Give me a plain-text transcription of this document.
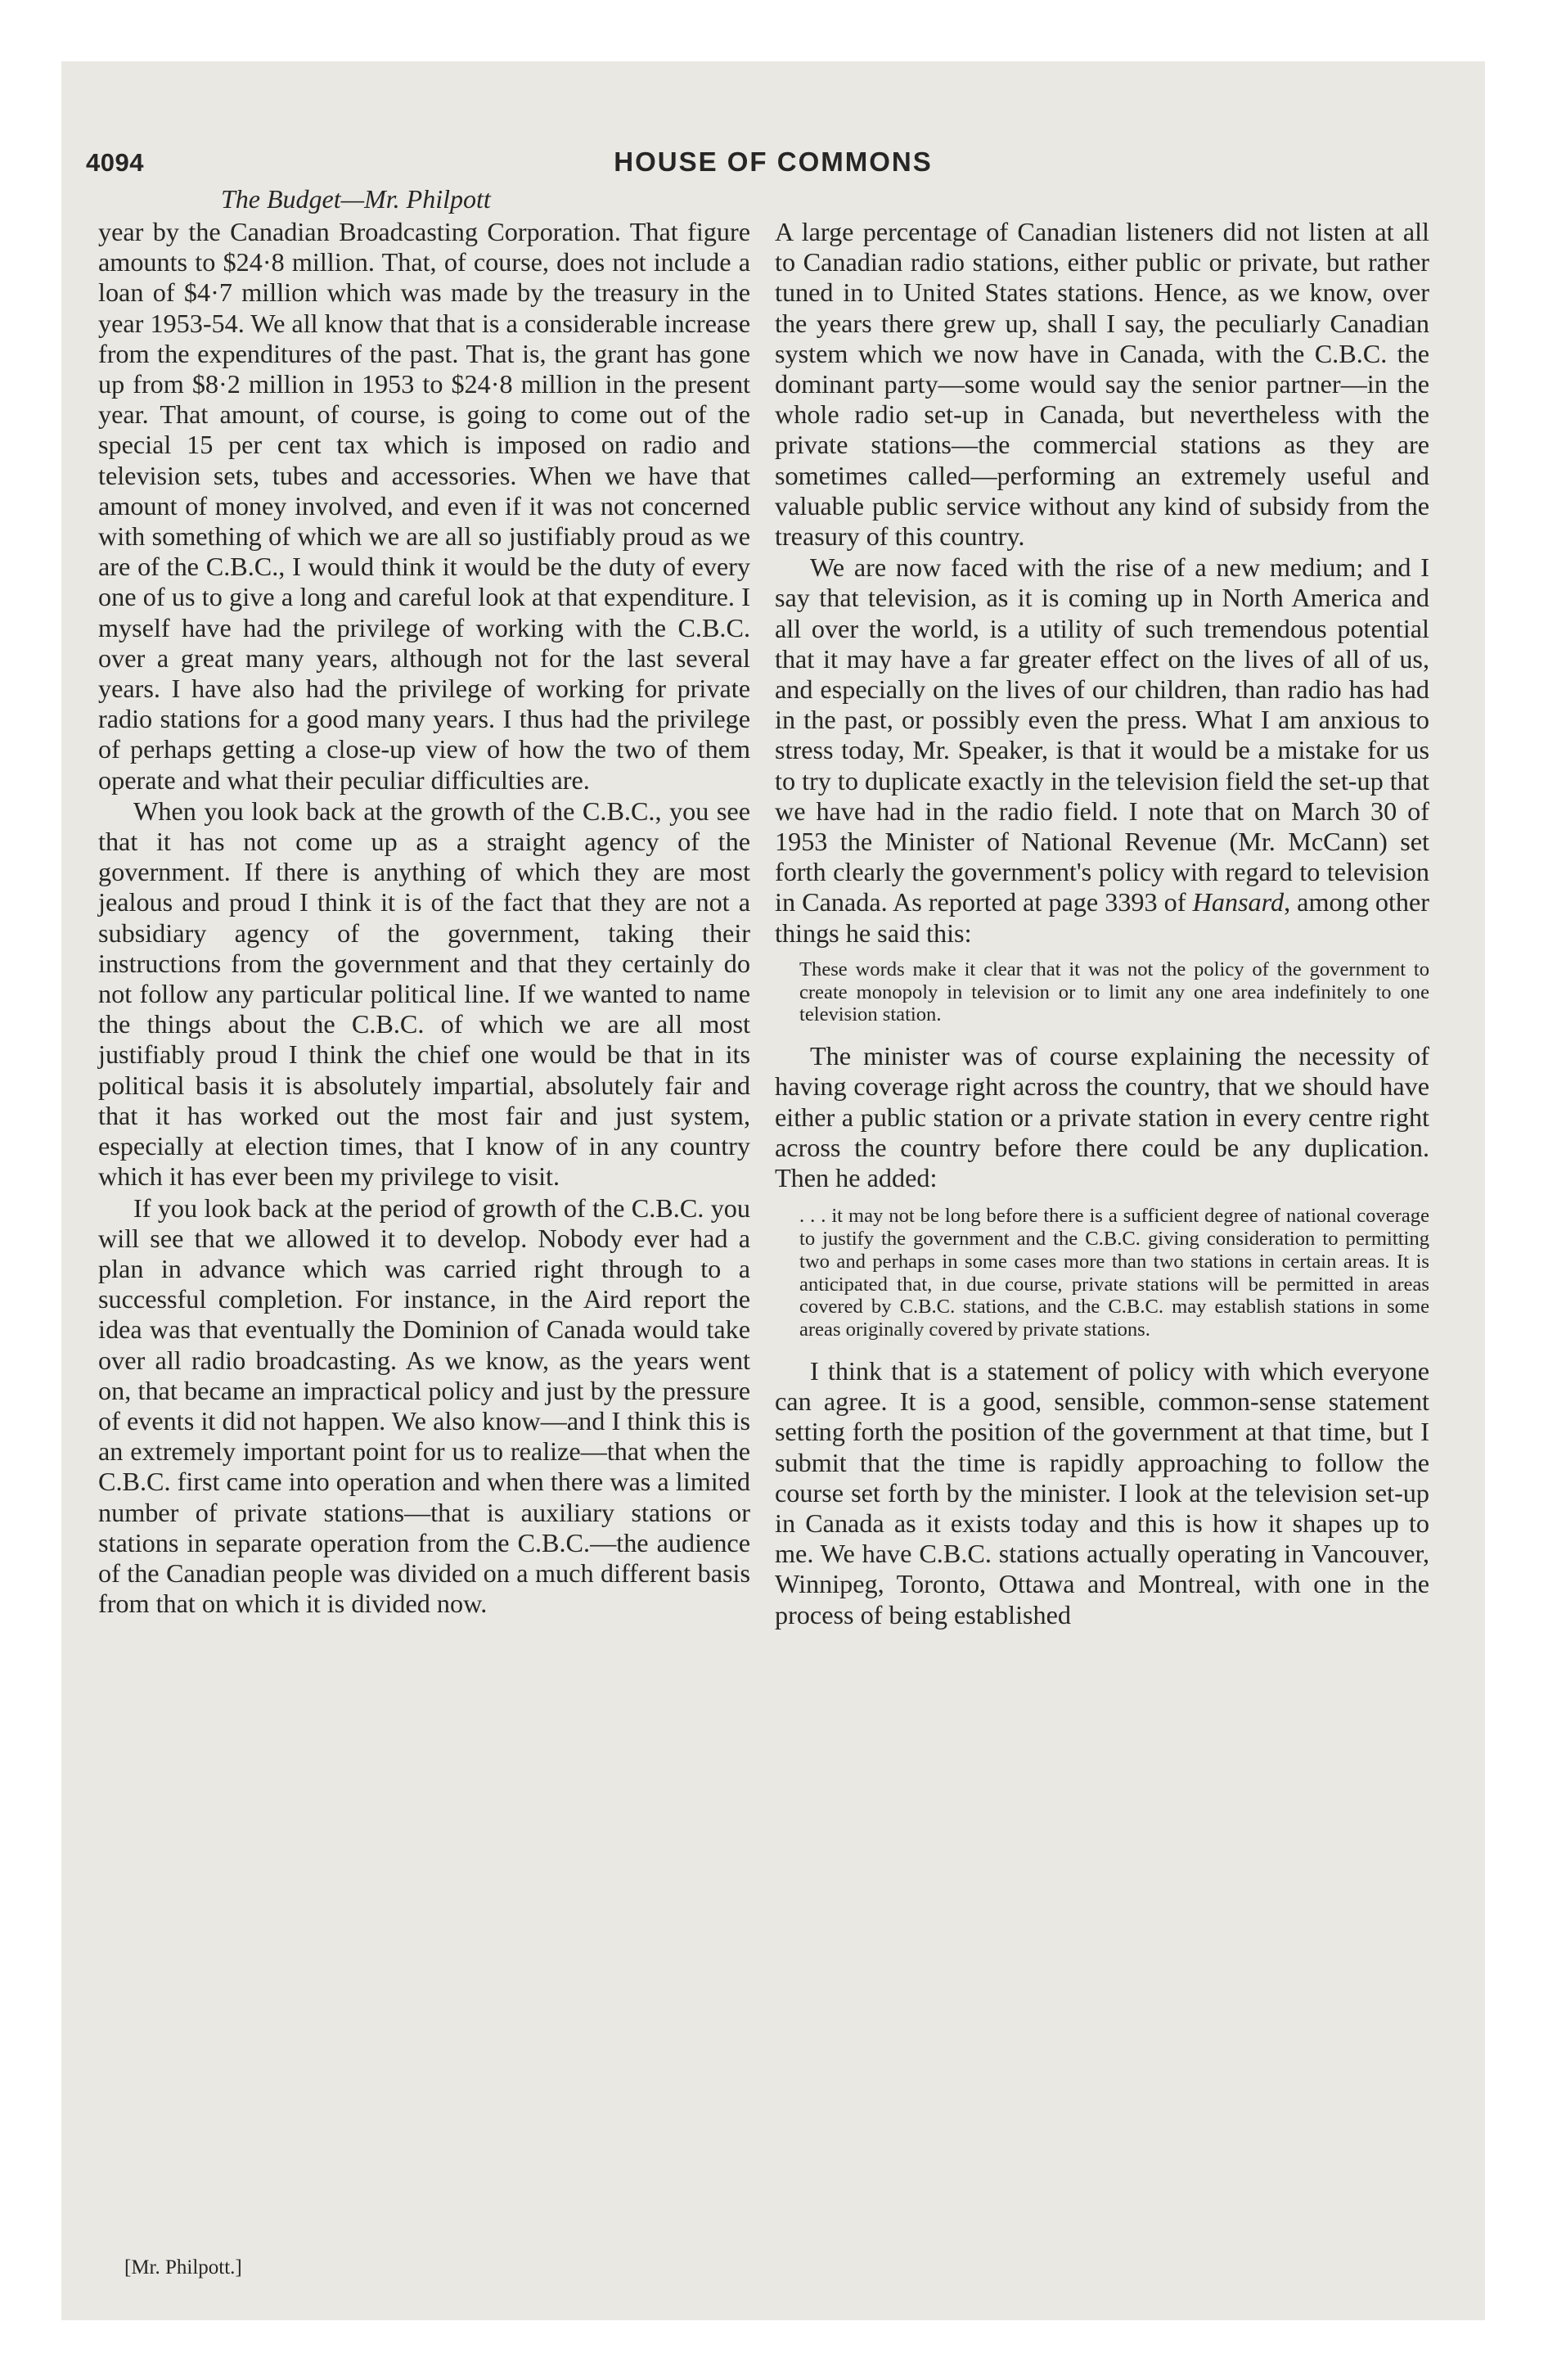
4094	HOUSE OF COMMONS
The Budget—Mr. Philpott

year by the Canadian Broadcasting Corporation. That figure amounts to $24·8 million. That, of course, does not include a loan of $4·7 million which was made by the treasury in the year 1953-54. We all know that that is a considerable increase from the expenditures of the past. That is, the grant has gone up from $8·2 million in 1953 to $24·8 million in the present year. That amount, of course, is going to come out of the special 15 per cent tax which is imposed on radio and television sets, tubes and accessories. When we have that amount of money involved, and even if it was not concerned with something of which we are all so justifiably proud as we are of the C.B.C., I would think it would be the duty of every one of us to give a long and careful look at that expenditure. I myself have had the privilege of working with the C.B.C. over a great many years, although not for the last several years. I have also had the privilege of working for private radio stations for a good many years. I thus had the privilege of perhaps getting a close-up view of how the two of them operate and what their peculiar difficulties are.

When you look back at the growth of the C.B.C., you see that it has not come up as a straight agency of the government. If there is anything of which they are most jealous and proud I think it is of the fact that they are not a subsidiary agency of the government, taking their instructions from the government and that they certainly do not follow any particular political line. If we wanted to name the things about the C.B.C. of which we are all most justifiably proud I think the chief one would be that in its political basis it is absolutely impartial, absolutely fair and that it has worked out the most fair and just system, especially at election times, that I know of in any country which it has ever been my privilege to visit.

If you look back at the period of growth of the C.B.C. you will see that we allowed it to develop. Nobody ever had a plan in advance which was carried right through to a successful completion. For instance, in the Aird report the idea was that eventually the Dominion of Canada would take over all radio broadcasting. As we know, as the years went on, that became an impractical policy and just by the pressure of events it did not happen. We also know—and I think this is an extremely important point for us to realize—that when the C.B.C. first came into operation and when there was a limited number of private stations—that is auxiliary stations or stations in separate operation from the C.B.C.—the audience of the Canadian people was divided on a much different basis from that on which it is divided now.

[Mr. Philpott.]

A large percentage of Canadian listeners did not listen at all to Canadian radio stations, either public or private, but rather tuned in to United States stations. Hence, as we know, over the years there grew up, shall I say, the peculiarly Canadian system which we now have in Canada, with the C.B.C. the dominant party—some would say the senior partner—in the whole radio set-up in Canada, but nevertheless with the private stations—the commercial stations as they are sometimes called—performing an extremely useful and valuable public service without any kind of subsidy from the treasury of this country.

We are now faced with the rise of a new medium; and I say that television, as it is coming up in North America and all over the world, is a utility of such tremendous potential that it may have a far greater effect on the lives of all of us, and especially on the lives of our children, than radio has had in the past, or possibly even the press. What I am anxious to stress today, Mr. Speaker, is that it would be a mistake for us to try to duplicate exactly in the television field the set-up that we have had in the radio field. I note that on March 30 of 1953 the Minister of National Revenue (Mr. McCann) set forth clearly the government's policy with regard to television in Canada. As reported at page 3393 of Hansard, among other things he said this:

These words make it clear that it was not the policy of the government to create monopoly in television or to limit any one area indefinitely to one television station.

The minister was of course explaining the necessity of having coverage right across the country, that we should have either a public station or a private station in every centre right across the country before there could be any duplication. Then he added:

. . . it may not be long before there is a sufficient degree of national coverage to justify the government and the C.B.C. giving consideration to permitting two and perhaps in some cases more than two stations in certain areas. It is anticipated that, in due course, private stations will be permitted in areas covered by C.B.C. stations, and the C.B.C. may establish stations in some areas originally covered by private stations.

I think that is a statement of policy with which everyone can agree. It is a good, sensible, common-sense statement setting forth the position of the government at that time, but I submit that the time is rapidly approaching to follow the course set forth by the minister. I look at the television set-up in Canada as it exists today and this is how it shapes up to me. We have C.B.C. stations actually operating in Vancouver, Winnipeg, Toronto, Ottawa and Montreal, with one in the process of being established
